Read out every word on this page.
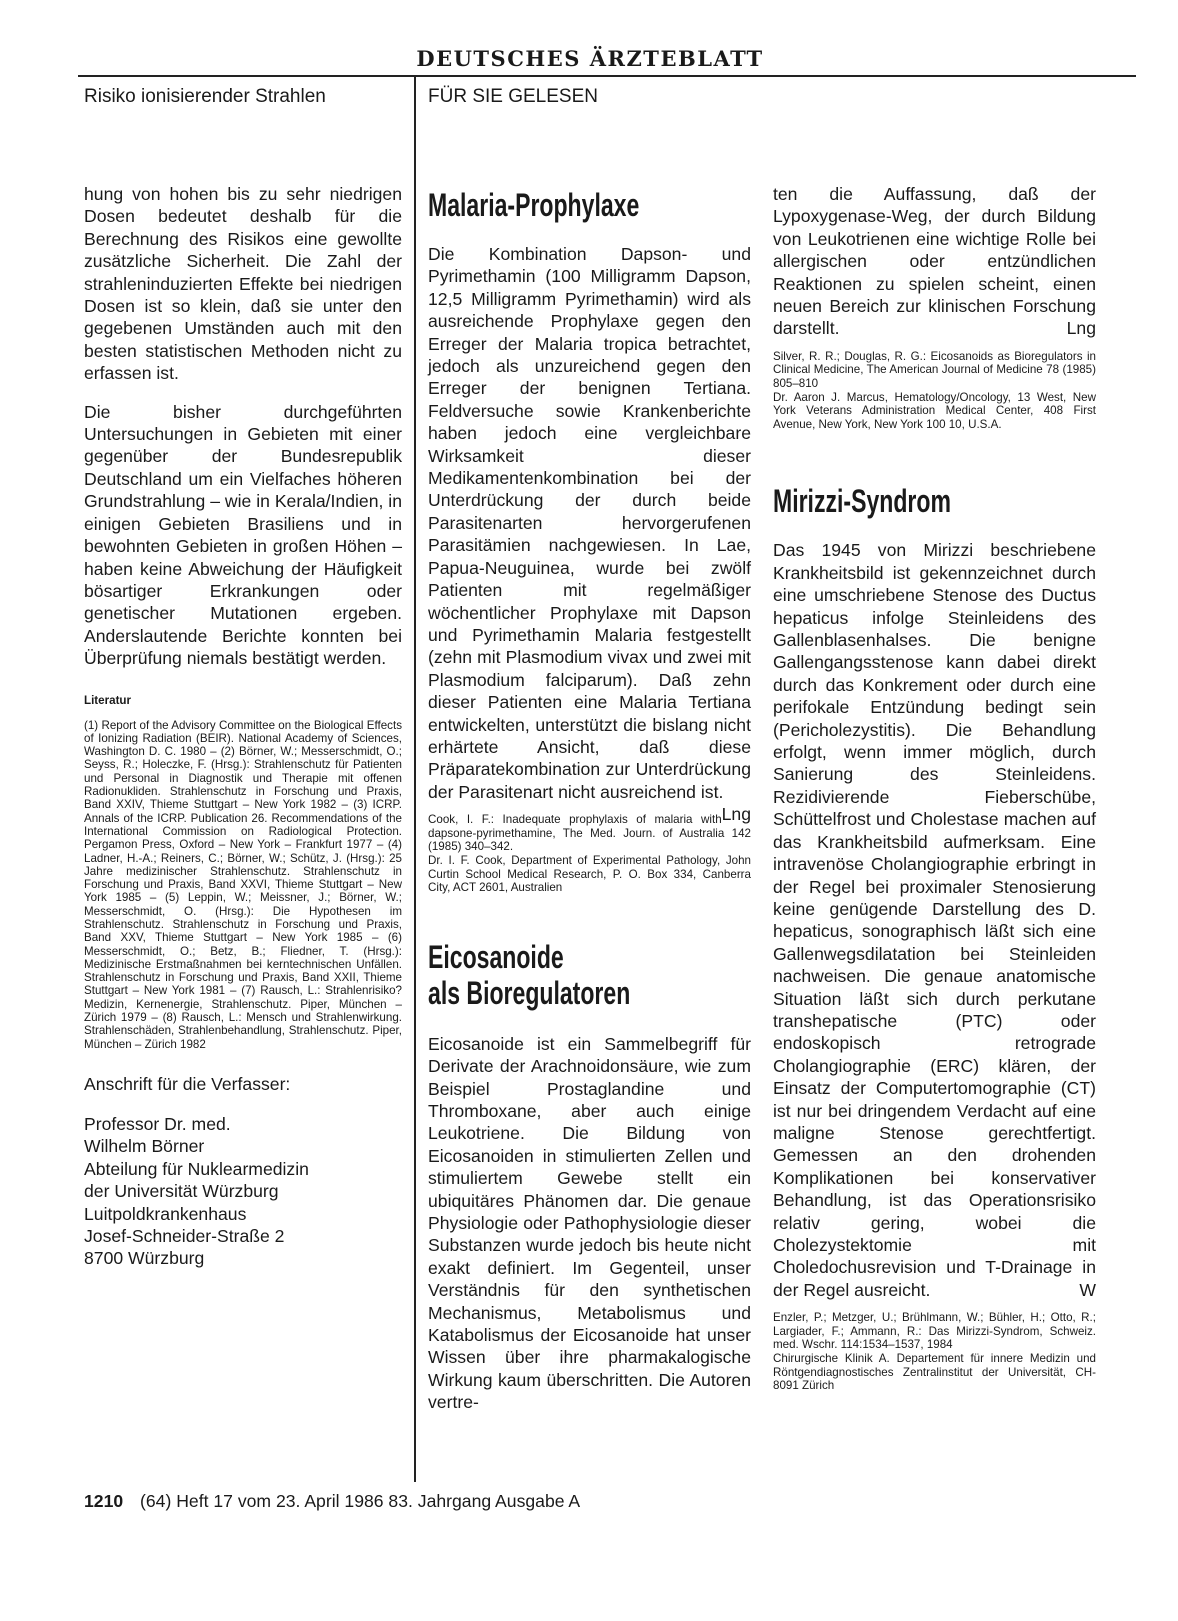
DEUTSCHES ÄRZTEBLATT
Risiko ionisierender Strahlen	FÜR SIE GELESEN

hung von hohen bis zu sehr niedrigen Dosen bedeutet deshalb für die Berechnung des Risikos eine gewollte zusätzliche Sicherheit. Die Zahl der strahleninduzierten Effekte bei niedrigen Dosen ist so klein, daß sie unter den gegebenen Umständen auch mit den besten statistischen Methoden nicht zu erfassen ist.

Die bisher durchgeführten Untersuchungen in Gebieten mit einer gegenüber der Bundesrepublik Deutschland um ein Vielfaches höheren Grundstrahlung – wie in Kerala/Indien, in einigen Gebieten Brasiliens und in bewohnten Gebieten in großen Höhen – haben keine Abweichung der Häufigkeit bösartiger Erkrankungen oder genetischer Mutationen ergeben. Anderslautende Berichte konnten bei Überprüfung niemals bestätigt werden.

Literatur

(1) Report of the Advisory Committee on the Biological Effects of Ionizing Radiation (BEIR). National Academy of Sciences, Washington D. C. 1980 – (2) Börner, W.; Messerschmidt, O.; Seyss, R.; Holeczke, F. (Hrsg.): Strahlenschutz für Patienten und Personal in Diagnostik und Therapie mit offenen Radionukliden. Strahlenschutz in Forschung und Praxis, Band XXIV, Thieme Stuttgart – New York 1982 – (3) ICRP. Annals of the ICRP. Publication 26. Recommendations of the International Commission on Radiological Protection. Pergamon Press, Oxford – New York – Frankfurt 1977 – (4) Ladner, H.-A.; Reiners, C.; Börner, W.; Schütz, J. (Hrsg.): 25 Jahre medizinischer Strahlenschutz. Strahlenschutz in Forschung und Praxis, Band XXVI, Thieme Stuttgart – New York 1985 – (5) Leppin, W.; Meissner, J.; Börner, W.; Messerschmidt, O. (Hrsg.): Die Hypothesen im Strahlenschutz. Strahlenschutz in Forschung und Praxis, Band XXV, Thieme Stuttgart – New York 1985 – (6) Messerschmidt, O.; Betz, B.; Fliedner, T. (Hrsg.): Medizinische Erstmaßnahmen bei kerntechnischen Unfällen. Strahlenschutz in Forschung und Praxis, Band XXII, Thieme Stuttgart – New York 1981 – (7) Rausch, L.: Strahlenrisiko? Medizin, Kernenergie, Strahlenschutz. Piper, München – Zürich 1979 – (8) Rausch, L.: Mensch und Strahlenwirkung. Strahlenschäden, Strahlenbehandlung, Strahlenschutz. Piper, München – Zürich 1982

Anschrift für die Verfasser:
Professor Dr. med.
Wilhelm Börner
Abteilung für Nuklearmedizin
der Universität Würzburg
Luitpoldkrankenhaus
Josef-Schneider-Straße 2
8700 Würzburg
Malaria-Prophylaxe

Die Kombination Dapson- und Pyrimethamin (100 Milligramm Dapson, 12,5 Milligramm Pyrimethamin) wird als ausreichende Prophylaxe gegen den Erreger der Malaria tropica betrachtet, jedoch als unzureichend gegen den Erreger der benignen Tertiana. Feldversuche sowie Krankenberichte haben jedoch eine vergleichbare Wirksamkeit dieser Medikamentenkombination bei der Unterdrückung der durch beide Parasitenarten hervorgerufenen Parasitämien nachgewiesen. In Lae, Papua-Neuguinea, wurde bei zwölf Patienten mit regelmäßiger wöchentlicher Prophylaxe mit Dapson und Pyrimethamin Malaria festgestellt (zehn mit Plasmodium vivax und zwei mit Plasmodium falciparum). Daß zehn dieser Patienten eine Malaria Tertiana entwickelten, unterstützt die bislang nicht erhärtete Ansicht, daß diese Präparatekombination zur Unterdrückung der Parasitenart nicht ausreichend ist.
Lng

Cook, I. F.: Inadequate prophylaxis of malaria with dapsone-pyrimethamine, The Med. Journ. of Australia 142 (1985) 340–342.
Dr. I. F. Cook, Department of Experimental Pathology, John Curtin School Medical Research, P. O. Box 334, Canberra City, ACT 2601, Australien

Eicosanoide
als Bioregulatoren

Eicosanoide ist ein Sammelbegriff für Derivate der Arachnoidonsäure, wie zum Beispiel Prostaglandine und Thromboxane, aber auch einige Leukotriene. Die Bildung von Eicosanoiden in stimulierten Zellen und stimuliertem Gewebe stellt ein ubiquitäres Phänomen dar. Die genaue Physiologie oder Pathophysiologie dieser Substanzen wurde jedoch bis heute nicht exakt definiert. Im Gegenteil, unser Verständnis für den synthetischen Mechanismus, Metabolismus und Katabolismus der Eicosanoide hat unser Wissen über ihre pharmakalogische Wirkung kaum überschritten. Die Autoren vertre-

ten die Auffassung, daß der Lypoxygenase-Weg, der durch Bildung von Leukotrienen eine wichtige Rolle bei allergischen oder entzündlichen Reaktionen zu spielen scheint, einen neuen Bereich zur klinischen Forschung darstellt.	Lng

Silver, R. R.; Douglas, R. G.: Eicosanoids as Bioregulators in Clinical Medicine, The American Journal of Medicine 78 (1985) 805–810
Dr. Aaron J. Marcus, Hematology/Oncology, 13 West, New York Veterans Administration Medical Center, 408 First Avenue, New York, New York 100 10, U.S.A.

Mirizzi-Syndrom

Das 1945 von Mirizzi beschriebene Krankheitsbild ist gekennzeichnet durch eine umschriebene Stenose des Ductus hepaticus infolge Steinleidens des Gallenblasenhalses. Die benigne Gallengangsstenose kann dabei direkt durch das Konkrement oder durch eine perifokale Entzündung bedingt sein (Pericholezystitis). Die Behandlung erfolgt, wenn immer möglich, durch Sanierung des Steinleidens. Rezidivierende Fieberschübe, Schüttelfrost und Cholestase machen auf das Krankheitsbild aufmerksam. Eine intravenöse Cholangiographie erbringt in der Regel bei proximaler Stenosierung keine genügende Darstellung des D. hepaticus, sonographisch läßt sich eine Gallenwegsdilatation bei Steinleiden nachweisen. Die genaue anatomische Situation läßt sich durch perkutane transhepatische (PTC) oder endoskopisch retrograde Cholangiographie (ERC) klären, der Einsatz der Computertomographie (CT) ist nur bei dringendem Verdacht auf eine maligne Stenose gerechtfertigt. Gemessen an den drohenden Komplikationen bei konservativer Behandlung, ist das Operationsrisiko relativ gering, wobei die Cholezystektomie mit Choledochusrevision und T-Drainage in der Regel ausreicht.	W

Enzler, P.; Metzger, U.; Brühlmann, W.; Bühler, H.; Otto, R.; Largiader, F.; Ammann, R.: Das Mirizzi-Syndrom, Schweiz. med. Wschr. 114:1534–1537, 1984
Chirurgische Klinik A. Departement für innere Medizin und Röntgendiagnostisches Zentralinstitut der Universität, CH-8091 Zürich

1210 (64) Heft 17 vom 23. April 1986 83. Jahrgang Ausgabe A
